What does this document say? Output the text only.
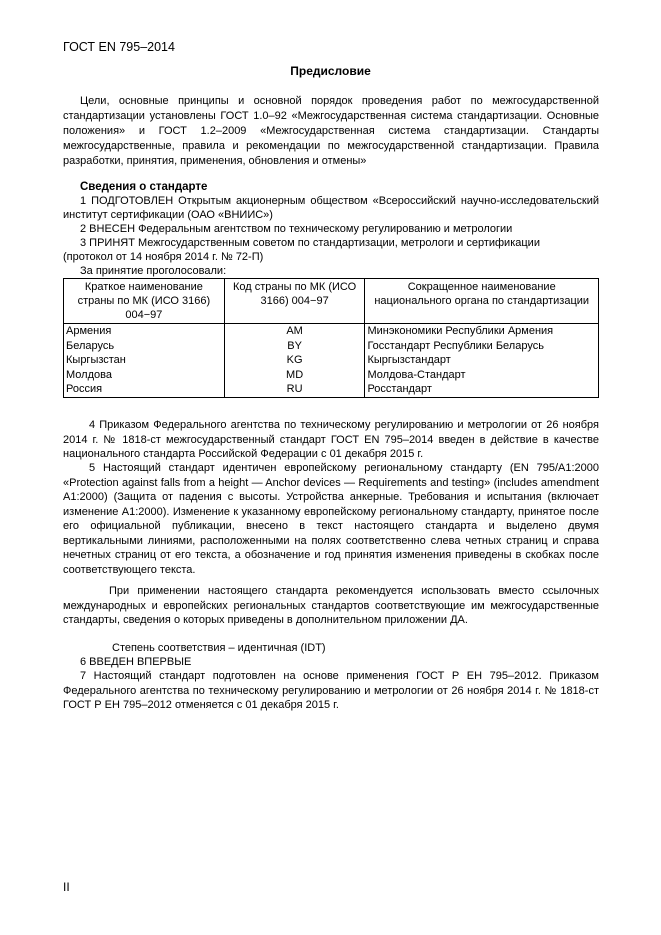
ГОСТ EN 795–2014
Предисловие

Цели, основные принципы и основной порядок проведения работ по межгосударственной стандартизации установлены ГОСТ 1.0–92 «Межгосударственная система стандартизации. Основные положения» и ГОСТ 1.2–2009 «Межгосударственная система стандартизации. Стандарты межгосударственные, правила и рекомендации по межгосударственной стандартизации. Правила разработки, принятия, применения, обновления и отмены»

Сведения о стандарте

1 ПОДГОТОВЛЕН Открытым акционерным обществом «Всероссийский научно-исследовательский институт сертификации (ОАО «ВНИИС»)

2 ВНЕСЕН Федеральным агентством по техническому регулированию и метрологии
3 ПРИНЯТ Межгосударственным советом по стандартизации, метрологи и сертификации
(протокол от 14 ноября 2014 г. № 72-П)
За принятие проголосовали:
Краткое наименование страны по МК (ИСО 3166) 004−97	Код страны по МК (ИСО 3166) 004−97	Сокращенное наименование национального органа по стандартизации
Армения	AM	Минэкономики Республики Армения
Беларусь	BY	Госстандарт Республики Беларусь
Кыргызстан	KG	Кыргызстандарт
Молдова	MD	Молдова-Стандарт
Россия	RU	Росстандарт

4 Приказом Федерального агентства по техническому регулированию и метрологии от 26 ноября 2014 г. № 1818-ст межгосударственный стандарт ГОСТ EN 795–2014 введен в действие в качестве национального стандарта Российской Федерации с 01 декабря 2015 г.

5 Настоящий стандарт идентичен европейскому региональному стандарту (EN 795/A1:2000 «Protection against falls from a height — Anchor devices — Requirements and testing» (includes amendment A1:2000) (Защита от падения с высоты. Устройства анкерные. Требования и испытания (включает изменение A1:2000). Изменение к указанному европейскому региональному стандарту, принятое после его официальной публикации, внесено в текст настоящего стандарта и выделено двумя вертикальными линиями, расположенными на полях соответственно слева четных страниц и справа нечетных страниц от его текста, а обозначение и год принятия изменения приведены в скобках после соответствующего текста.

При применении настоящего стандарта рекомендуется использовать вместо ссылочных международных и европейских региональных стандартов соответствующие им межгосударственные стандарты, сведения о которых приведены в дополнительном приложении ДА.

Степень соответствия – идентичная (IDT)
6 ВВЕДЕН ВПЕРВЫЕ

7 Настоящий стандарт подготовлен на основе применения ГОСТ Р ЕН 795–2012. Приказом Федерального агентства по техническому регулированию и метрологии от 26 ноября 2014 г. № 1818-ст ГОСТ Р ЕН 795–2012 отменяется с 01 декабря 2015 г.

II
